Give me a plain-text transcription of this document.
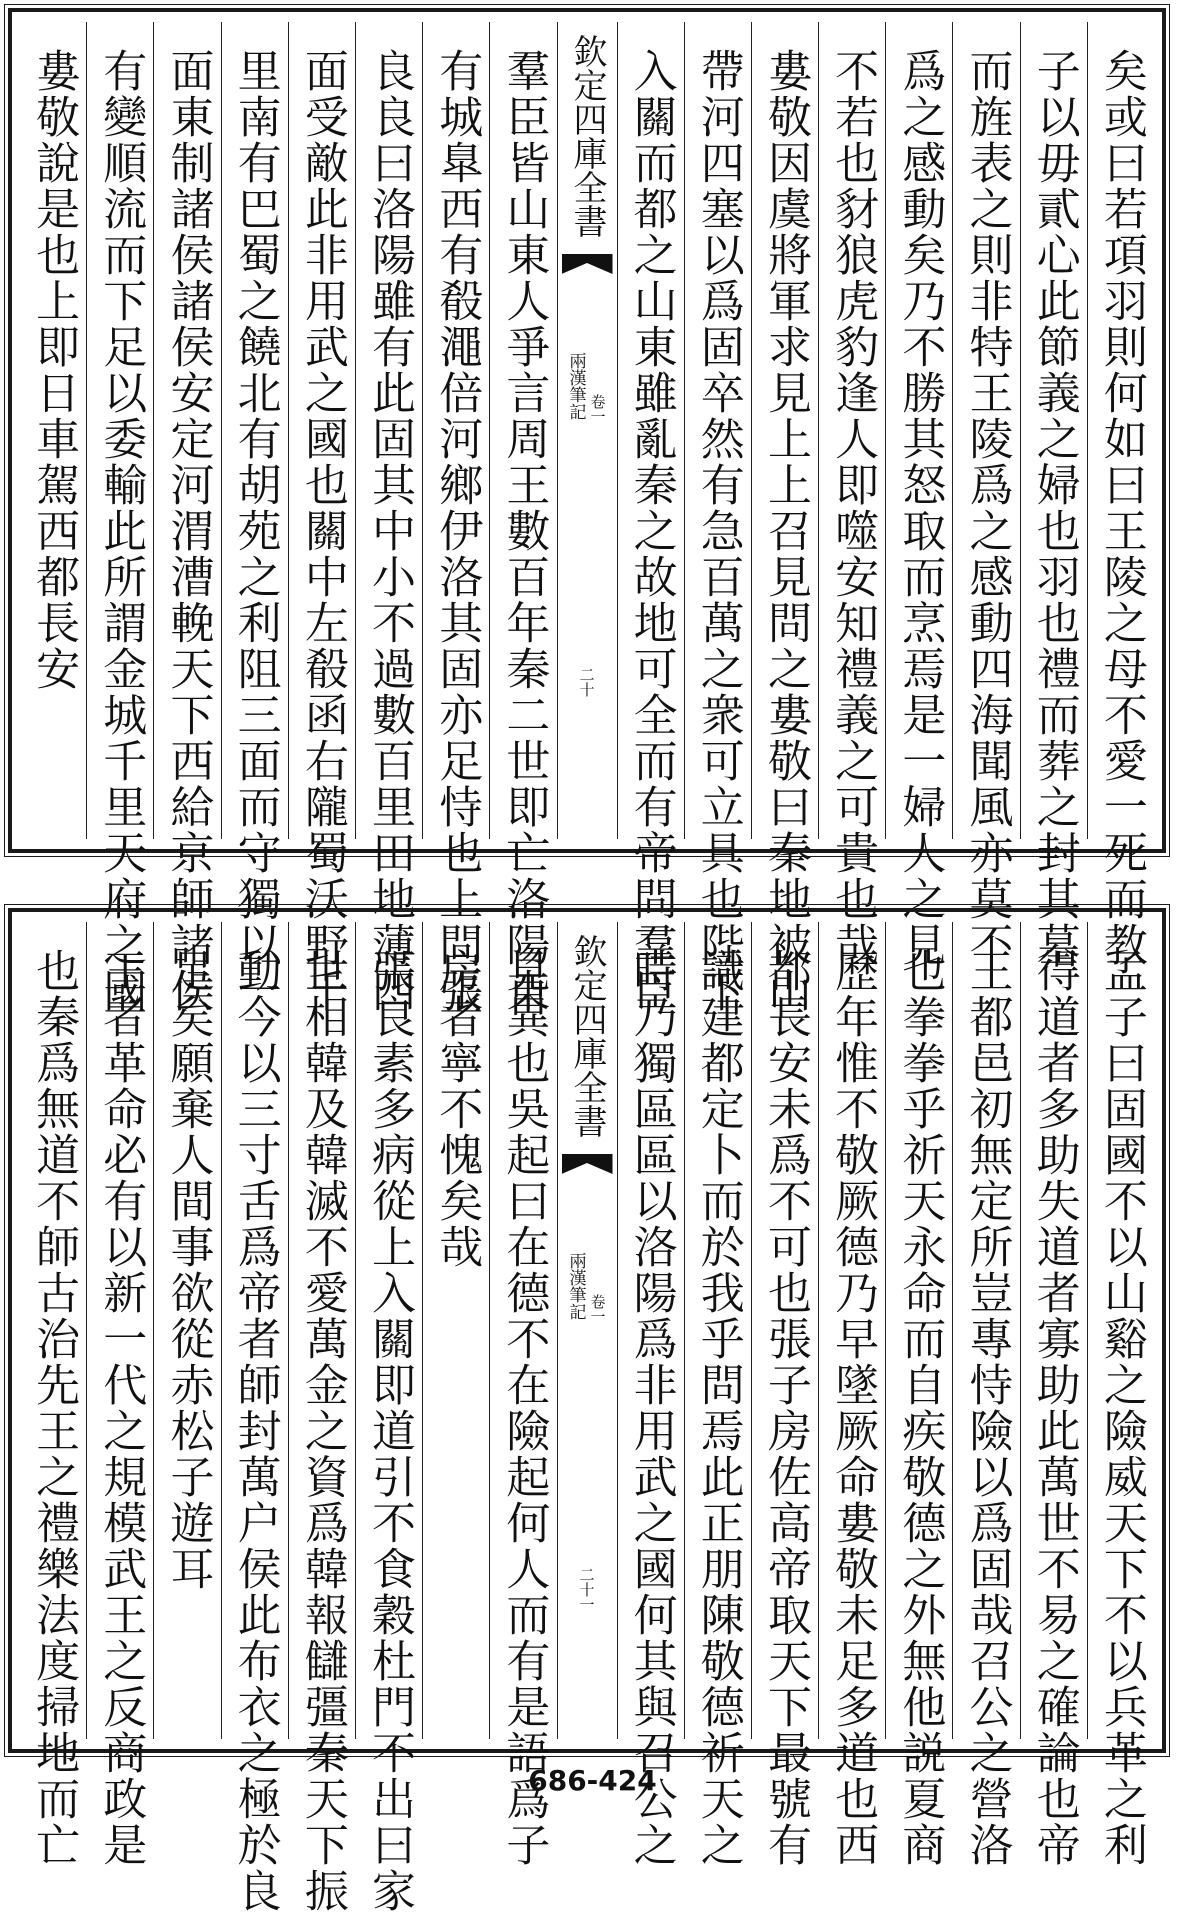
矣或曰若項羽則何如曰王陵之母不愛一死而教
子以毋貳心此節義之婦也羽也禮而葬之封其墓
而旌表之則非特王陵爲之感動四海聞風亦莫不
爲之感動矣乃不勝其怒取而烹焉是一婦人之見
不若也豺狼虎豹逢人即噬安知禮義之可貴也哉
婁敬因虞將軍求見上上召見問之婁敬曰秦地被山
帶河四塞以爲固卒然有急百萬之衆可立具也陛下
入關而都之山東雖亂秦之故地可全而有帝問羣臣
欽定四庫全書
兩漢筆記 卷一
二十
羣臣皆山東人爭言周王數百年秦二世即亡洛陽東
有城臯西有殽澠倍河鄉伊洛其固亦足恃也上問張
良良曰洛陽雖有此固其中小不過數百里田地薄四
面受敵此非用武之國也關中左殽函右隴蜀沃野千
里南有巴蜀之饒北有胡苑之利阻三面而守獨以一
面東制諸侯諸侯安定河渭漕輓天下西給京師諸侯
有變順流而下足以委輸此所謂金城千里天府之國
婁敬說是也上即日車駕西都長安
孟子曰固國不以山谿之險威天下不以兵革之利
得道者多助失道者寡助此萬世不易之確論也帝
王都邑初無定所豈專恃險以爲固哉召公之營洛
也拳拳乎祈天永命而自疾敬德之外無他説夏商
歷年惟不敬厥德乃早墜厥命婁敬未足多道也西
都長安未爲不可也張子房佐高帝取天下最號有
識建都定卜而於我乎問焉此正朋陳敬德祈天之
時乃獨區區以洛陽爲非用武之國何其與召公之
欽定四庫全書
兩漢筆記 卷一
二十一
見異也吳起曰在德不在險起何人而有是語爲子
房者寧不愧矣哉
張良素多病從上入關即道引不食穀杜門不出曰家
世相韓及韓滅不愛萬金之資爲韓報讎彊秦天下振
動今以三寸舌爲帝者師封萬户侯此布衣之極於良
足矣願棄人間事欲從赤松子遊耳
王者革命必有以新一代之規模武王之反商政是
也秦爲無道不師古治先王之禮樂法度掃地而亡	686-424
